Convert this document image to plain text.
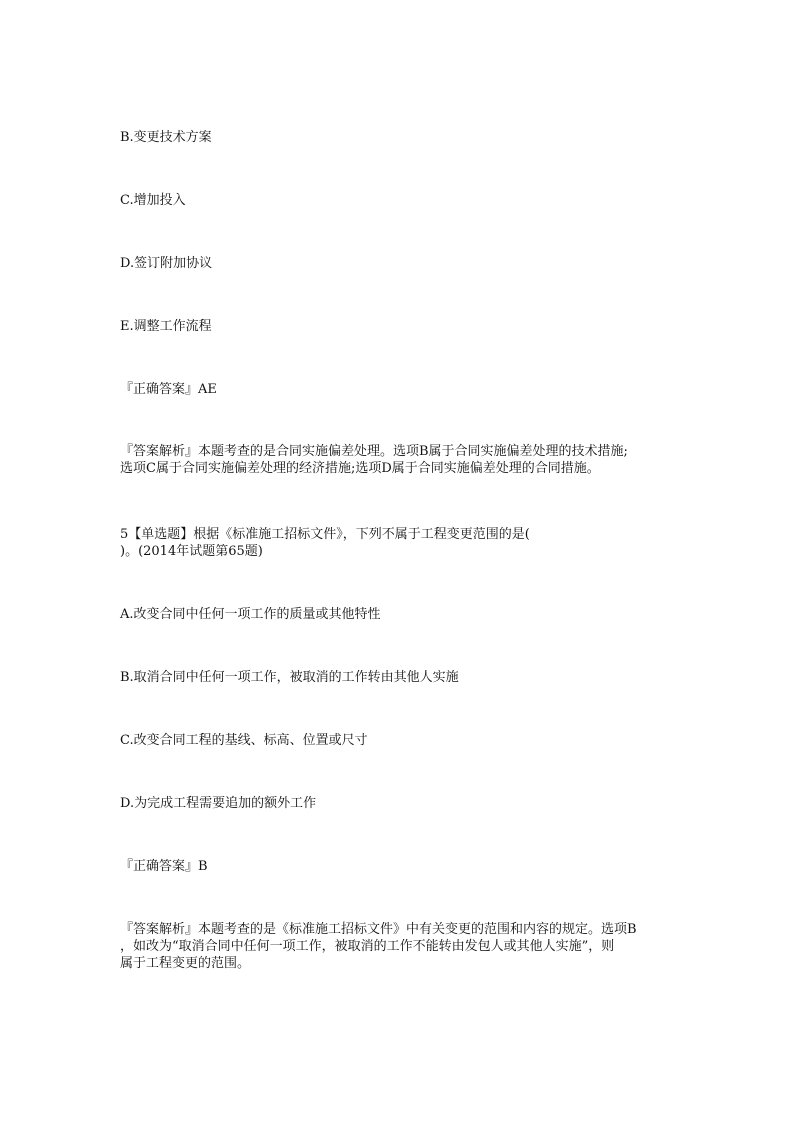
B.变更技术方案
C.增加投入
D.签订附加协议
E.调整工作流程
『正确答案』AE
『答案解析』本题考查的是合同实施偏差处理。选项B属于合同实施偏差处理的技术措施;
选项C属于合同实施偏差处理的经济措施;选项D属于合同实施偏差处理的合同措施。
5【单选题】根据《标准施工招标文件》，下列不属于工程变更范围的是(
)。(2014年试题第65题)
A.改变合同中任何一项工作的质量或其他特性
B.取消合同中任何一项工作，被取消的工作转由其他人实施
C.改变合同工程的基线、标高、位置或尺寸
D.为完成工程需要追加的额外工作
『正确答案』B
『答案解析』本题考查的是《标准施工招标文件》中有关变更的范围和内容的规定。选项B
，如改为“取消合同中任何一项工作，被取消的工作不能转由发包人或其他人实施”，则
属于工程变更的范围。
